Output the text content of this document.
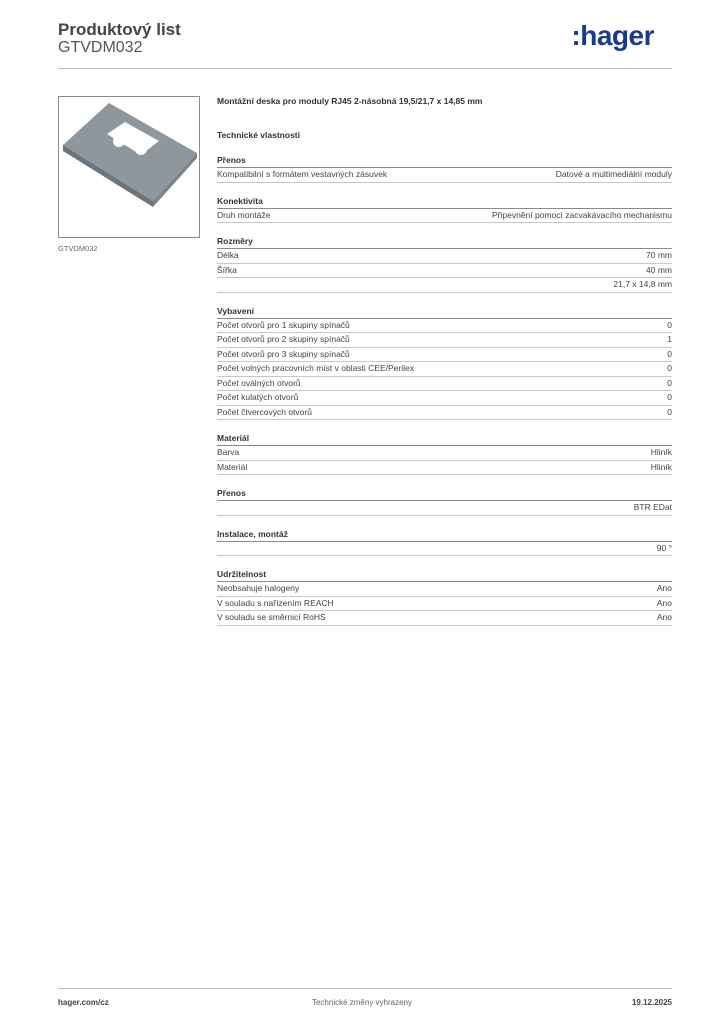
Produktový list
GTVDM032	:hager
GTVDM032
Montážní deska pro moduly RJ45 2-násobná 19,5/21,7 x 14,85 mm
Technické vlastnosti
Přenos
Kompatibilní s formátem vestavných zásuvek	Datové a multimediální moduly
Konektivita
Druh montáže	Připevnění pomocí zacvakávacího mechanismu
Rozměry
Délka	70 mm
Šířka	40 mm
21,7 x 14,8 mm
Vybavení
Počet otvorů pro 1 skupiny spínačů	0
Počet otvorů pro 2 skupiny spínačů	1
Počet otvorů pro 3 skupiny spínačů	0
Počet volných pracovních míst v oblasti CEE/Perilex	0
Počet oválných otvorů	0
Počet kulatých otvorů	0
Počet čtvercových otvorů	0
Materiál
Barva	Hliník
Materiál	Hliník
Přenos
BTR EDat
Instalace, montáž
90 °
Udržitelnost
Neobsahuje halogeny	Ano
V souladu s nařízením REACH	Ano
V souladu se směrnicí RoHS	Ano
hager.com/cz	Technické změny vyhrazeny	19.12.2025
